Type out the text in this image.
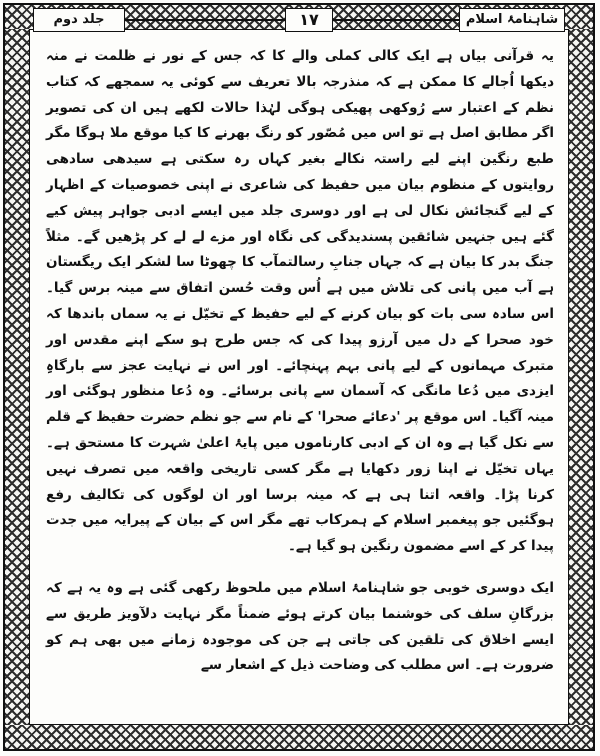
جلد دوم	١٧	شاہنامۂ اسلام

یہ قرآنی بیاں ہے ایک کالی کملی والے کا کہ جس کے نور نے ظلمت نے منہ دیکھا اُجالے کا ممکن ہے کہ منذرجہ بالا تعریف سے کوئی یہ سمجھے کہ کتاب نظم کے اعتبار سے رُوکھی پھیکی ہوگی لہٰذا حالات لکھے ہیں ان کی تصویر اگر مطابق اصل ہے تو اس میں مُصّور کو رنگ بھرنے کا کیا موقع ملا ہوگا مگر طبع رنگین اپنے لیے راستہ نکالے بغیر کہاں رہ سکتی ہے سیدھی سادھی روایتوں کے منظوم بیان میں حفیظ کی شاعری نے اپنی خصوصیات کے اظہار کے لیے گنجائش نکال لی ہے اور دوسری جلد میں ایسے ادبی جواہر پیش کیے گئے ہیں جنہیں شائقین پسندیدگی کی نگاہ اور مزے لے لے کر پڑھیں گے۔ مثلاً جنگ بدر کا بیان ہے کہ جہاں جنابِ رسالتمآب کا چھوٹا سا لشکر ایک ریگستان ہے آب میں پانی کی تلاش میں ہے اُس وقت حُسن اتفاق سے مینہ برس گیا۔ اس سادہ سی بات کو بیان کرنے کے لیے حفیظ کے تخیّل نے یہ سماں باندھا کہ خود صحرا کے دل میں آرزو پیدا کی کہ جس طرح ہو سکے اپنے مقدس اور متبرک مہمانوں کے لیے پانی بہم پہنچائے۔ اور اس نے نہایت عجز سے بارگاہِ ایزدی میں دُعا مانگی کہ آسمان سے پانی برسائے۔ وہ دُعا منظور ہوگئی اور مینہ آگیا۔ اس موقع پر 'دعائے صحرا' کے نام سے جو نظم حضرت حفیظ کے قلم سے نکل گیا ہے وہ ان کے ادبی کارناموں میں پایۂ اعلیٰ شہرت کا مستحق ہے۔ یہاں تخیّل نے اپنا زور دکھایا ہے مگر کسی تاریخی واقعہ میں تصرف نہیں کرنا پڑا۔ واقعہ اتنا ہی ہے کہ مینہ برسا اور ان لوگوں کی تکالیف رفع ہوگئیں جو پیغمبر اسلام کے ہمرکاب تھے مگر اس کے بیان کے پیرایہ میں جدت پیدا کر کے اسے مضمون رنگین ہو گیا ہے۔

ایک دوسری خوبی جو شاہنامۂ اسلام میں ملحوظ رکھی گئی ہے وہ یہ ہے کہ بزرگانِ سلف کی خوشنما بیان کرتے ہوئے ضمناً مگر نہایت دلآویز طریق سے ایسے اخلاق کی تلقین کی جاتی ہے جن کی موجودہ زمانے میں بھی ہم کو ضرورت ہے۔ اس مطلب کی وضاحت ذیل کے اشعار سے
